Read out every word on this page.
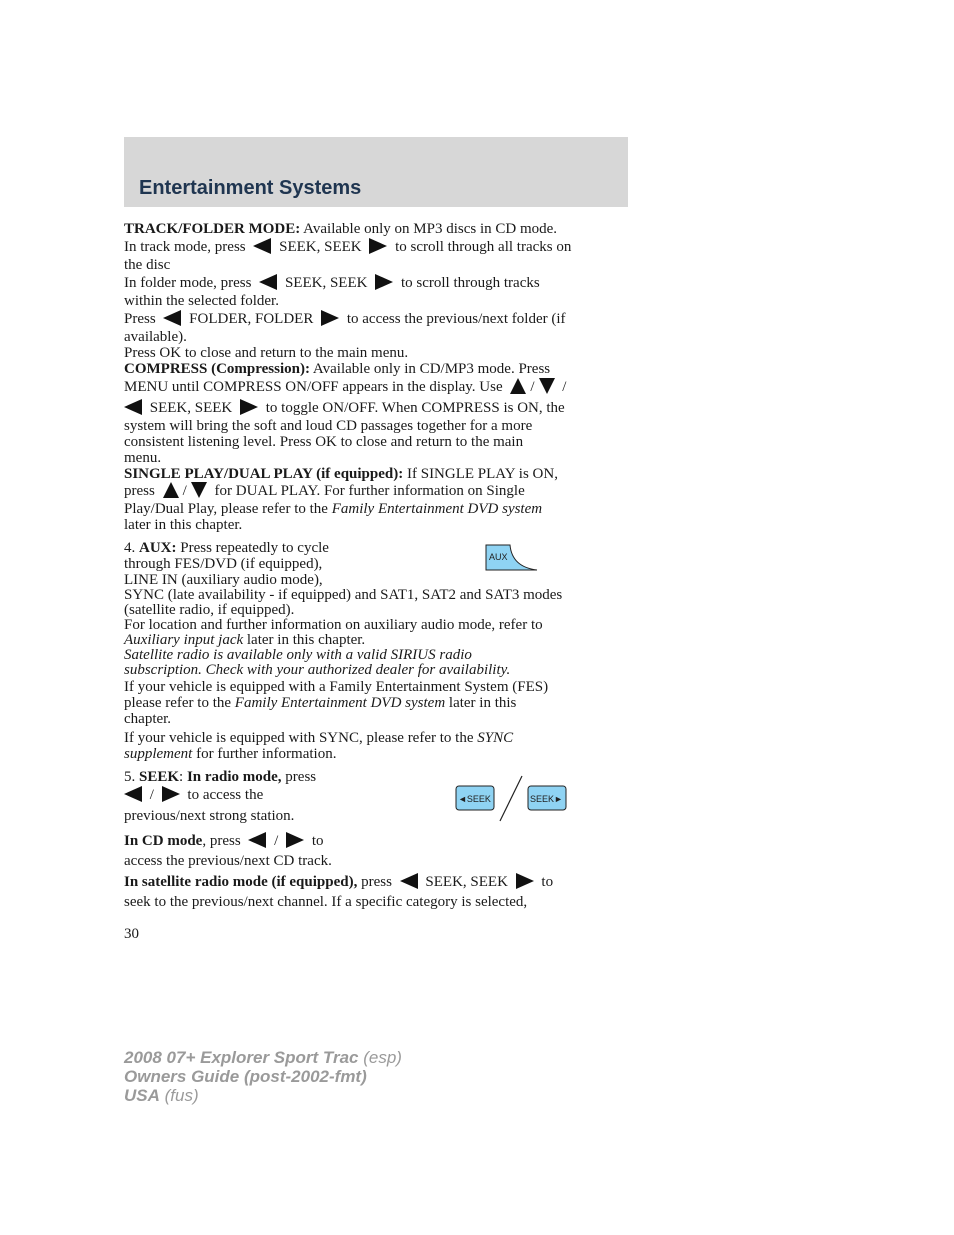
Entertainment Systems
TRACK/FOLDER MODE: Available only on MP3 discs in CD mode.
In track mode, press  SEEK, SEEK  to scroll through all tracks on
the disc
In folder mode, press  SEEK, SEEK  to scroll through tracks
within the selected folder.
Press  FOLDER, FOLDER  to access the previous/next folder (if
available).
Press OK to close and return to the main menu.
COMPRESS (Compression): Available only in CD/MP3 mode. Press
MENU until COMPRESS ON/OFF appears in the display. Use / /
SEEK, SEEK  to toggle ON/OFF. When COMPRESS is ON, the
system will bring the soft and loud CD passages together for a more
consistent listening level. Press OK to close and return to the main
menu.
SINGLE PLAY/DUAL PLAY (if equipped): If SINGLE PLAY is ON,
press / for DUAL PLAY. For further information on Single
Play/Dual Play, please refer to the Family Entertainment DVD system
later in this chapter.
4. AUX: Press repeatedly to cycle
through FES/DVD (if equipped),
LINE IN (auxiliary audio mode),
SYNC (late availability - if equipped) and SAT1, SAT2 and SAT3 modes
(satellite radio, if equipped).
For location and further information on auxiliary audio mode, refer to
Auxiliary input jack later in this chapter.
Satellite radio is available only with a valid SIRIUS radio
subscription. Check with your authorized dealer for availability.
If your vehicle is equipped with a Family Entertainment System (FES)
please refer to the Family Entertainment DVD system later in this
chapter.
If your vehicle is equipped with SYNC, please refer to the SYNC
supplement for further information.
AUX
5. SEEK: In radio mode, press
/  to access the
previous/next strong station.
In CD mode, press  /  to
access the previous/next CD track.
In satellite radio mode (if equipped), press  SEEK, SEEK  to
seek to the previous/next channel. If a specific category is selected,
◄SEEK	SEEK►
30
2008 07+ Explorer Sport Trac (esp)
Owners Guide (post-2002-fmt)
USA (fus)
